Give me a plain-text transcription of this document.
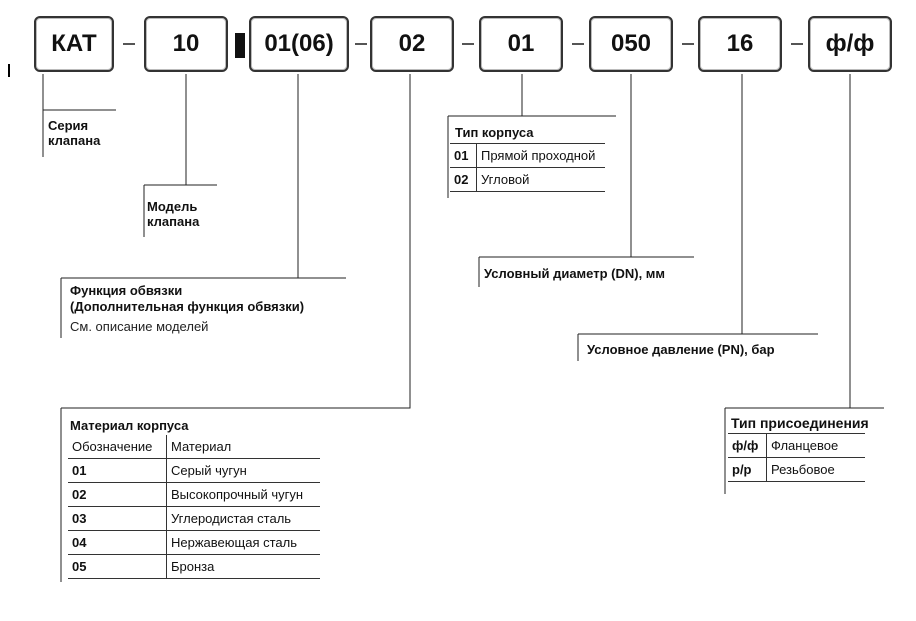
КАТ	10	01(06)	02	01	050	16	ф/ф
Серия
клапана
Модель
клапана
Функция обвязки
(Дополнительная функция обвязки)
См. описание моделей
Условный диаметр (DN), мм
Условное давление (PN), бар
Тип корпуса
01	Прямой проходной
02	Угловой
Материал корпуса
Обозначение	Материал
01	Серый чугун
02	Высокопрочный чугун
03	Углеродистая сталь
04	Нержавеющая сталь
05	Бронза
Тип присоединения
ф/ф	Фланцевое
р/р	Резьбовое
